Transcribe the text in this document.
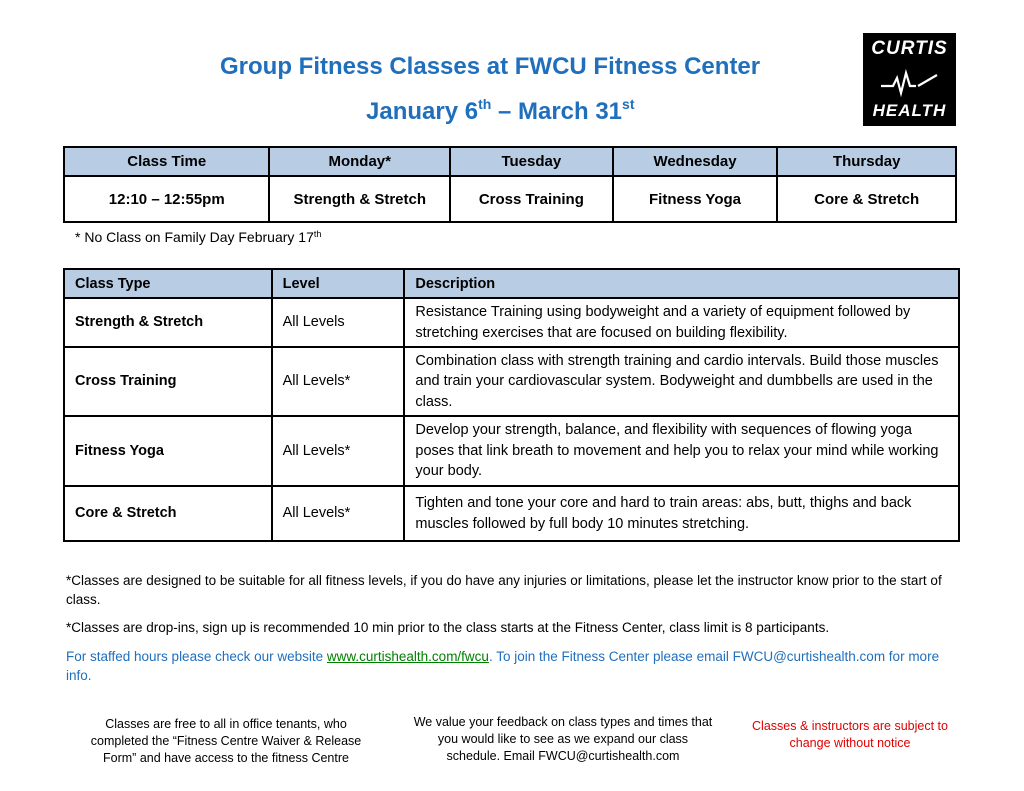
Group Fitness Classes at FWCU Fitness Center
January 6th – March 31st
CURTIS
HEALTH
Class Time	Monday*	Tuesday	Wednesday	Thursday
12:10 – 12:55pm	Strength & Stretch	Cross Training	Fitness Yoga	Core & Stretch
* No Class on Family Day February 17th
Class Type	Level	Description
Strength & Stretch	All Levels	Resistance Training using bodyweight and a variety of equipment followed by stretching exercises that are focused on building flexibility.
Cross Training	All Levels*	Combination class with strength training and cardio intervals. Build those muscles and train your cardiovascular system. Bodyweight and dumbbells are used in the class.
Fitness Yoga	All Levels*	Develop your strength, balance, and flexibility with sequences of flowing yoga poses that link breath to movement and help you to relax your mind while working your body.
Core & Stretch	All Levels*	Tighten and tone your core and hard to train areas: abs, butt, thighs and back muscles followed by full body 10 minutes stretching.
*Classes are designed to be suitable for all fitness levels, if you do have any injuries or limitations, please let the instructor know prior to the start of class.
*Classes are drop-ins, sign up is recommended 10 min prior to the class starts at the Fitness Center, class limit is 8 participants.
For staffed hours please check our website www.curtishealth.com/fwcu. To join the Fitness Center please email FWCU@curtishealth.com for more info.
Classes are free to all in office tenants, who completed the “Fitness Centre Waiver & Release Form” and have access to the fitness Centre
We value your feedback on class types and times that you would like to see as we expand our class schedule. Email FWCU@curtishealth.com
Classes & instructors are subject to change without notice
